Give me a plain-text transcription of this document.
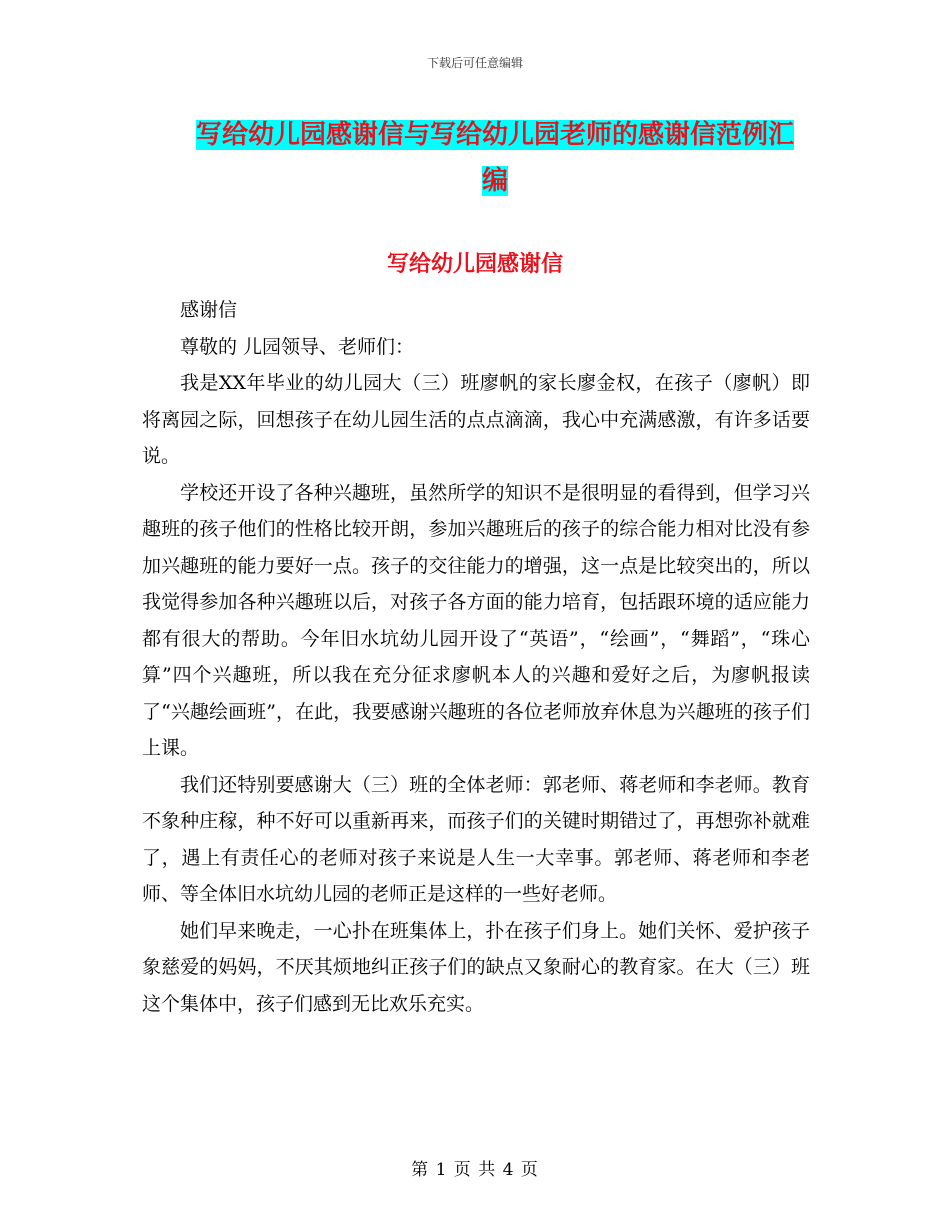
下载后可任意编辑
写给幼儿园感谢信与写给幼儿园老师的感谢信范例汇
编
写给幼儿园感谢信

感谢信

尊敬的 儿园领导、老师们：

我是XX年毕业的幼儿园大（三）班廖帆的家长廖金权，在孩子（廖帆）即将离园之际，回想孩子在幼儿园生活的点点滴滴，我心中充满感激，有许多话要说。

学校还开设了各种兴趣班，虽然所学的知识不是很明显的看得到，但学习兴趣班的孩子他们的性格比较开朗，参加兴趣班后的孩子的综合能力相对比没有参加兴趣班的能力要好一点。孩子的交往能力的增强，这一点是比较突出的，所以我觉得参加各种兴趣班以后，对孩子各方面的能力培育，包括跟环境的适应能力都有很大的帮助。今年旧水坑幼儿园开设了“英语”，“绘画”，“舞蹈”，“珠心算”四个兴趣班，所以我在充分征求廖帆本人的兴趣和爱好之后，为廖帆报读了“兴趣绘画班”，在此，我要感谢兴趣班的各位老师放弃休息为兴趣班的孩子们上课。

我们还特别要感谢大（三）班的全体老师：郭老师、蒋老师和李老师。教育不象种庄稼，种不好可以重新再来，而孩子们的关键时期错过了，再想弥补就难了，遇上有责任心的老师对孩子来说是人生一大幸事。郭老师、蒋老师和李老师、等全体旧水坑幼儿园的老师正是这样的一些好老师。

她们早来晚走，一心扑在班集体上，扑在孩子们身上。她们关怀、爱护孩子象慈爱的妈妈，不厌其烦地纠正孩子们的缺点又象耐心的教育家。在大（三）班这个集体中，孩子们感到无比欢乐充实。

第 1 页 共 4 页
